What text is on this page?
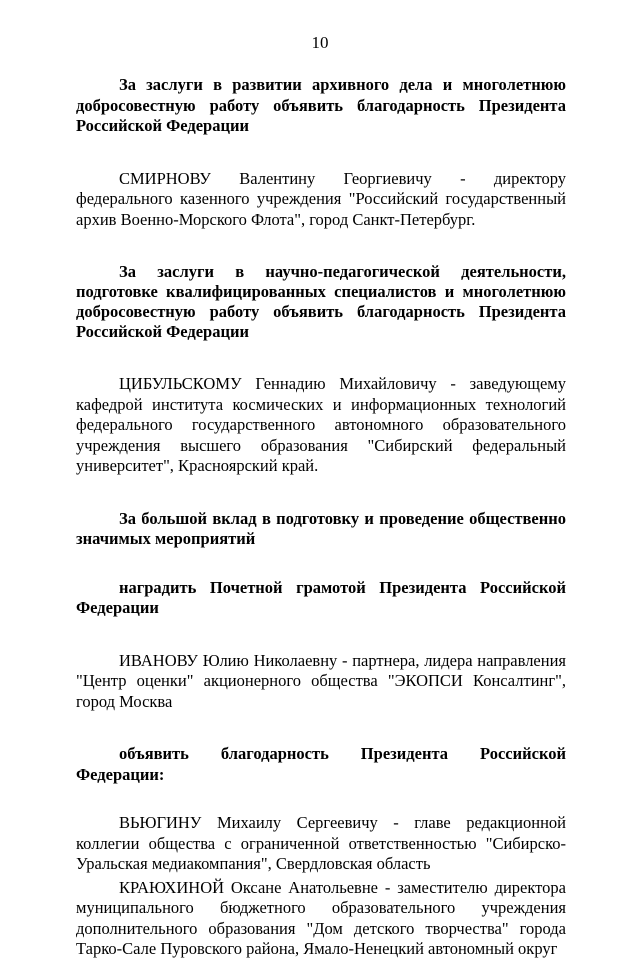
10

За заслуги в развитии архивного дела и многолетнюю добросовестную работу объявить благодарность Президента Российской Федерации

СМИРНОВУ Валентину Георгиевичу - директору федерального казенного учреждения "Российский государственный архив Военно-Морского Флота", город Санкт-Петербург.

За заслуги в научно-педагогической деятельности, подготовке квалифицированных специалистов и многолетнюю добросовестную работу объявить благодарность Президента Российской Федерации

ЦИБУЛЬСКОМУ Геннадию Михайловичу - заведующему кафедрой института космических и информационных технологий федерального государственного автономного образовательного учреждения высшего образования "Сибирский федеральный университет", Красноярский край.

За большой вклад в подготовку и проведение общественно значимых мероприятий

наградить Почетной грамотой Президента Российской Федерации

ИВАНОВУ Юлию Николаевну - партнера, лидера направления "Центр оценки" акционерного общества "ЭКОПСИ Консалтинг", город Москва

объявить благодарность Президента Российской Федерации:

ВЬЮГИНУ Михаилу Сергеевичу - главе редакционной коллегии общества с ограниченной ответственностью "Сибирско-Уральская медиакомпания", Свердловская область

КРАЮХИНОЙ Оксане Анатольевне - заместителю директора муниципального бюджетного образовательного учреждения дополнительного образования "Дом детского творчества" города Тарко-Сале Пуровского района, Ямало-Ненецкий автономный округ
